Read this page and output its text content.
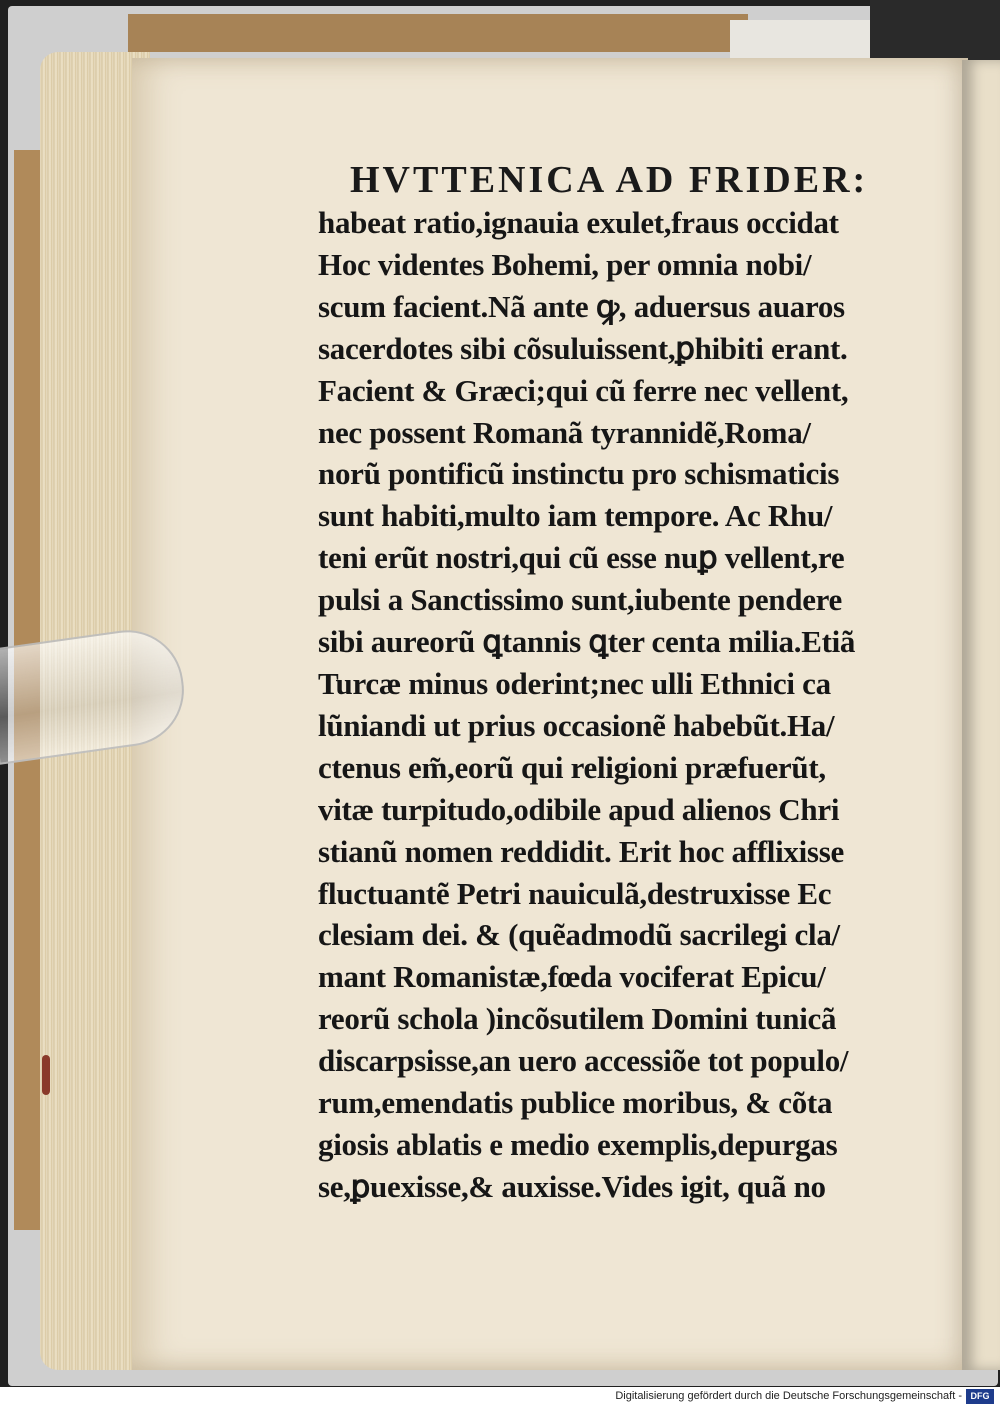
HVTTENICA AD FRIDER:
habeat ratio,ignauia exulet,fraus occidat
Hoc videntes Bohemi, per omnia nobi/
scum facient.Nã ante ꝙ, aduersus auaros
sacerdotes sibi cõsuluissent,ꝑhibiti erant.
Facient & Græci;qui cũ ferre nec vellent,
nec possent Romanã tyrannidẽ,Roma/
norũ pontificũ instinctu pro schismaticis
sunt habiti,multo iam tempore. Ac Rhu/
teni erũt nostri,qui cũ esse nuꝑ vellent,re
pulsi a Sanctissimo sunt,iubente pendere
sibi aureorũ ꝗtannis ꝗter centa milia.Etiã
Turcæ minus oderint;nec ulli Ethnici ca
lũniandi ut prius occasionẽ habebũt.Ha/
ctenus em̃,eorũ qui religioni præfuerũt,
vitæ turpitudo,odibile apud alienos Chri
stianũ nomen reddidit. Erit hoc afflixisse
fluctuantẽ Petri nauiculã,destruxisse Ec
clesiam dei. & (quẽadmodũ sacrilegi cla/
mant Romanistæ,fœda vociferat Epicu/
reorũ schola )incõsutilem Domini tunicã
discarpsisse,an uero accessiõe tot populo/
rum,emendatis publice moribus, & cõta
giosis ablatis e medio exemplis,depurgas
se,ꝑuexisse,& auxisse.Vides igit, quã no
Digitalisierung gefördert durch die Deutsche Forschungsgemeinschaft - DFG
